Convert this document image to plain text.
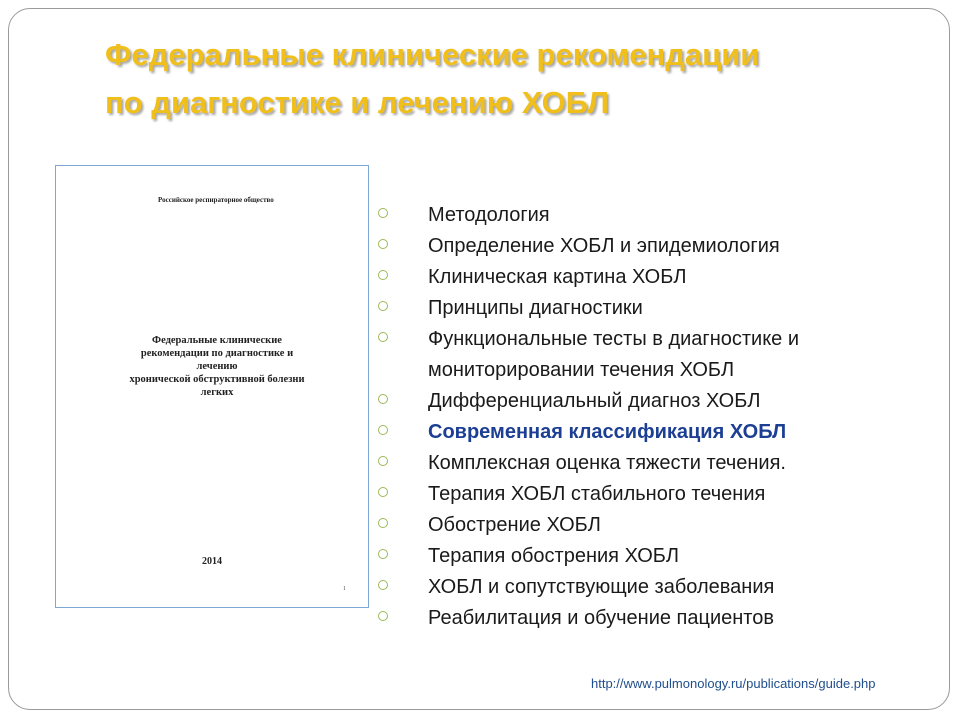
Федеральные клинические рекомендации
по диагностике и лечению ХОБЛ
Российское респираторное общество
Федеральные клинические
рекомендации по диагностике и
лечению
хронической обструктивной болезни
легких
2014
1
Методология
Определение ХОБЛ и эпидемиология
Клиническая картина ХОБЛ
Принципы диагностики
Функциональные тесты в диагностике и
мониторировании течения ХОБЛ
Дифференциальный диагноз ХОБЛ
Современная классификация ХОБЛ
Комплексная оценка тяжести течения.
Терапия ХОБЛ стабильного течения
Обострение ХОБЛ
Терапия обострения ХОБЛ
ХОБЛ и сопутствующие заболевания
Реабилитация и обучение пациентов
http://www.pulmonology.ru/publications/guide.php
